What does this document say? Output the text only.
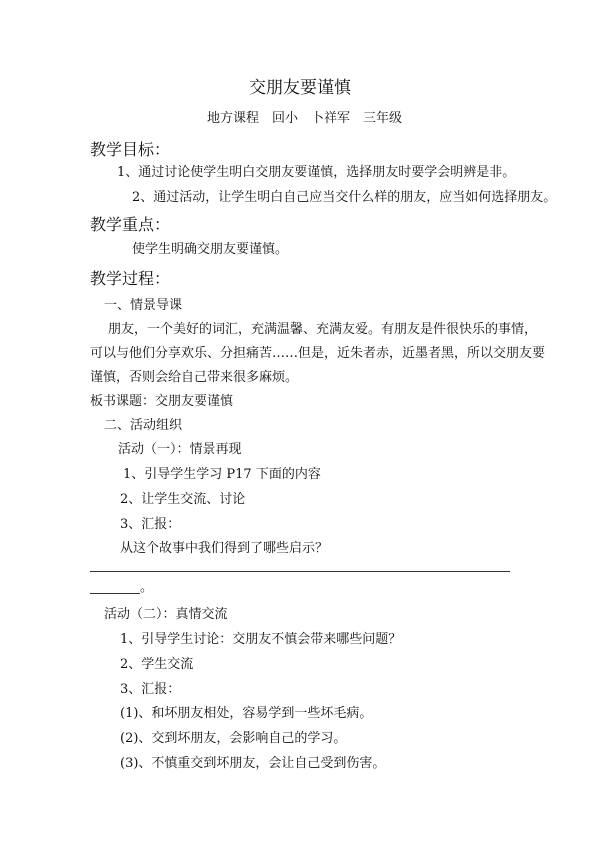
交朋友要谨慎
地方课程　回小　卜祥军　三年级
教学目标：
1、通过讨论使学生明白交朋友要谨慎，选择朋友时要学会明辨是非。
2、通过活动，让学生明白自己应当交什么样的朋友，应当如何选择朋友。
教学重点：
使学生明确交朋友要谨慎。
教学过程：
一、情景导课
朋友，一个美好的词汇，充满温馨、充满友爱。有朋友是件很快乐的事情，
可以与他们分享欢乐、分担痛苦……但是，近朱者赤，近墨者黑，所以交朋友要
谨慎，否则会给自己带来很多麻烦。
板书课题：交朋友要谨慎
二、活动组织
活动（一）：情景再现
1、引导学生学习 P17 下面的内容
2、让学生交流、讨论
3、汇报：
从这个故事中我们得到了哪些启示？
。
活动（二）：真情交流
1、引导学生讨论：交朋友不慎会带来哪些问题？
2、学生交流
3、汇报：
(1)、和坏朋友相处，容易学到一些坏毛病。
(2)、交到坏朋友，会影响自己的学习。
(3)、不慎重交到坏朋友，会让自己受到伤害。
